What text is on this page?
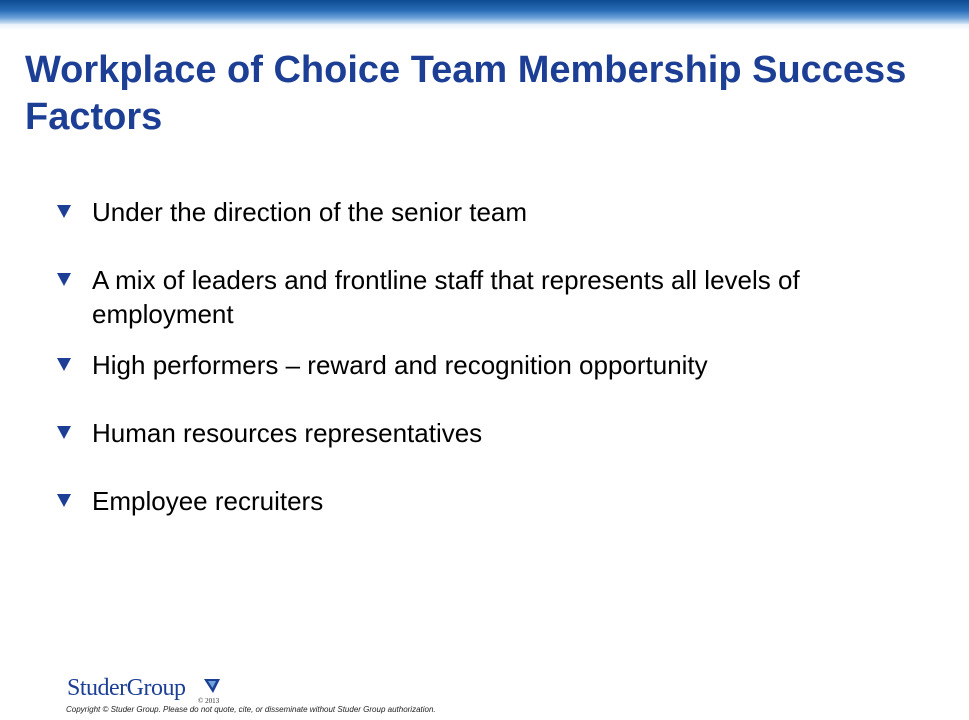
Workplace of Choice Team Membership Success Factors
Under the direction of the senior team
A mix of leaders and frontline staff that represents all levels of employment
High performers – reward and recognition opportunity
Human resources representatives
Employee recruiters
StuderGroup © 2013
Copyright © Studer Group. Please do not quote, cite, or disseminate without Studer Group authorization.
